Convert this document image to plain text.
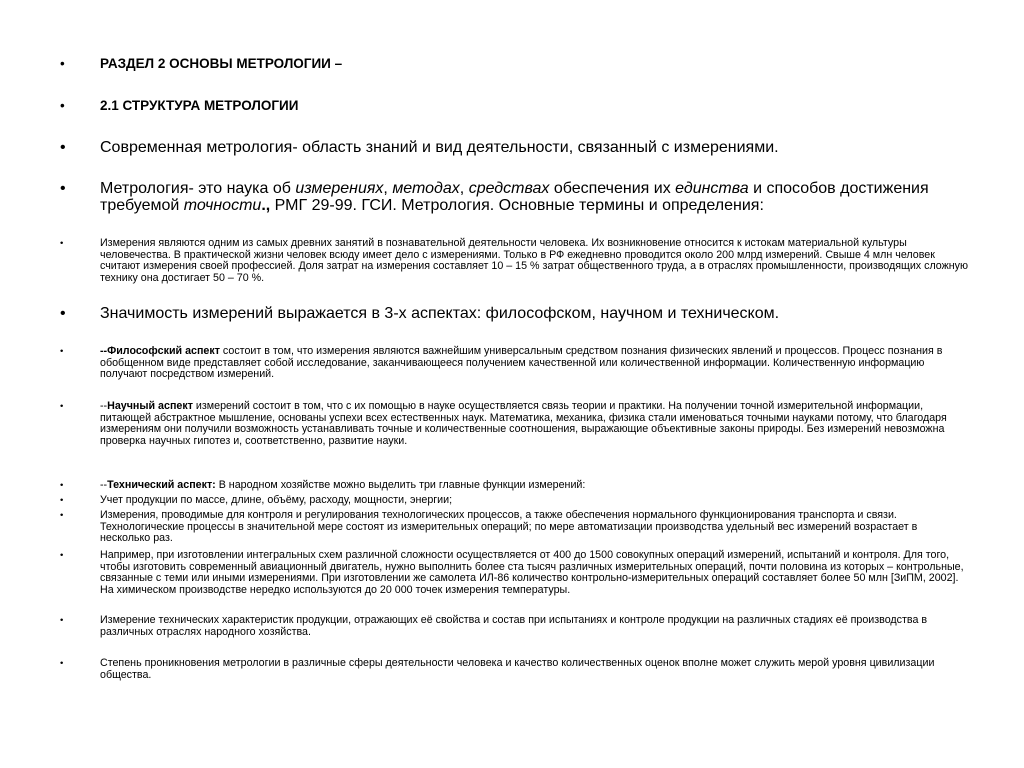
•	РАЗДЕЛ 2 ОСНОВЫ МЕТРОЛОГИИ –
•	2.1 СТРУКТУРА МЕТРОЛОГИИ
• Современная метрология- область знаний и вид деятельности, связанный с измерениями.
• Метрология- это наука об измерениях, методах, средствах обеспечения их единства и способов достижения требуемой точности., РМГ 29-99. ГСИ. Метрология. Основные термины и определения:
•	Измерения являются одним из самых древних занятий в познавательной деятельности человека. Их возникновение относится к истокам материальной культуры человечества. В практической жизни человек всюду имеет дело с измерениями. Только в РФ ежедневно проводится около 200 млрд измерений. Свыше 4 млн человек считают измерения своей профессией. Доля затрат на измерения составляет 10 – 15 % затрат общественного труда, а в отраслях промышленности, производящих сложную технику она достигает 50 – 70 %.
• Значимость измерений выражается в 3-х аспектах: философском, научном и техническом.
•	--Философский аспект состоит в том, что измерения являются важнейшим универсальным средством познания физических явлений и процессов. Процесс познания в обобщенном виде представляет собой исследование, заканчивающееся получением качественной или количественной информации. Количественную информацию получают посредством измерений.
•	--Научный аспект измерений состоит в том, что с их помощью в науке осуществляется связь теории и практики. На получении точной измерительной информации, питающей абстрактное мышление, основаны успехи всех естественных наук. Математика, механика, физика стали именоваться точными науками потому, что благодаря измерениям они получили возможность устанавливать точные и количественные соотношения, выражающие объективные законы природы. Без измерений невозможна проверка научных гипотез и, соответственно, развитие науки.
•	--Технический аспект: В народном хозяйстве можно выделить три главные функции измерений:
•	Учет продукции по массе, длине, объёму, расходу, мощности, энергии;
•	Измерения, проводимые для контроля и регулирования технологических процессов, а также обеспечения нормального функционирования транспорта и связи. Технологические процессы в значительной мере состоят из измерительных операций; по мере автоматизации производства удельный вес измерений возрастает в несколько раз.
•	Например, при изготовлении интегральных схем различной сложности осуществляется от 400 до 1500 совокупных операций измерений, испытаний и контроля. Для того, чтобы изготовить современный авиационный двигатель, нужно выполнить более ста тысяч различных измерительных операций, почти половина из которых – контрольные, связанные с теми или иными измерениями. При изготовлении же самолета ИЛ-86 количество контрольно-измерительных операций составляет более 50 млн [ЗиПМ, 2002]. На химическом производстве нередко используются до 20 000 точек измерения температуры.
•	Измерение технических характеристик продукции, отражающих её свойства и состав при испытаниях и контроле продукции на различных стадиях её производства в различных отраслях народного хозяйства.
•	Степень проникновения метрологии в различные сферы деятельности человека и качество количественных оценок вполне может служить мерой уровня цивилизации общества.
